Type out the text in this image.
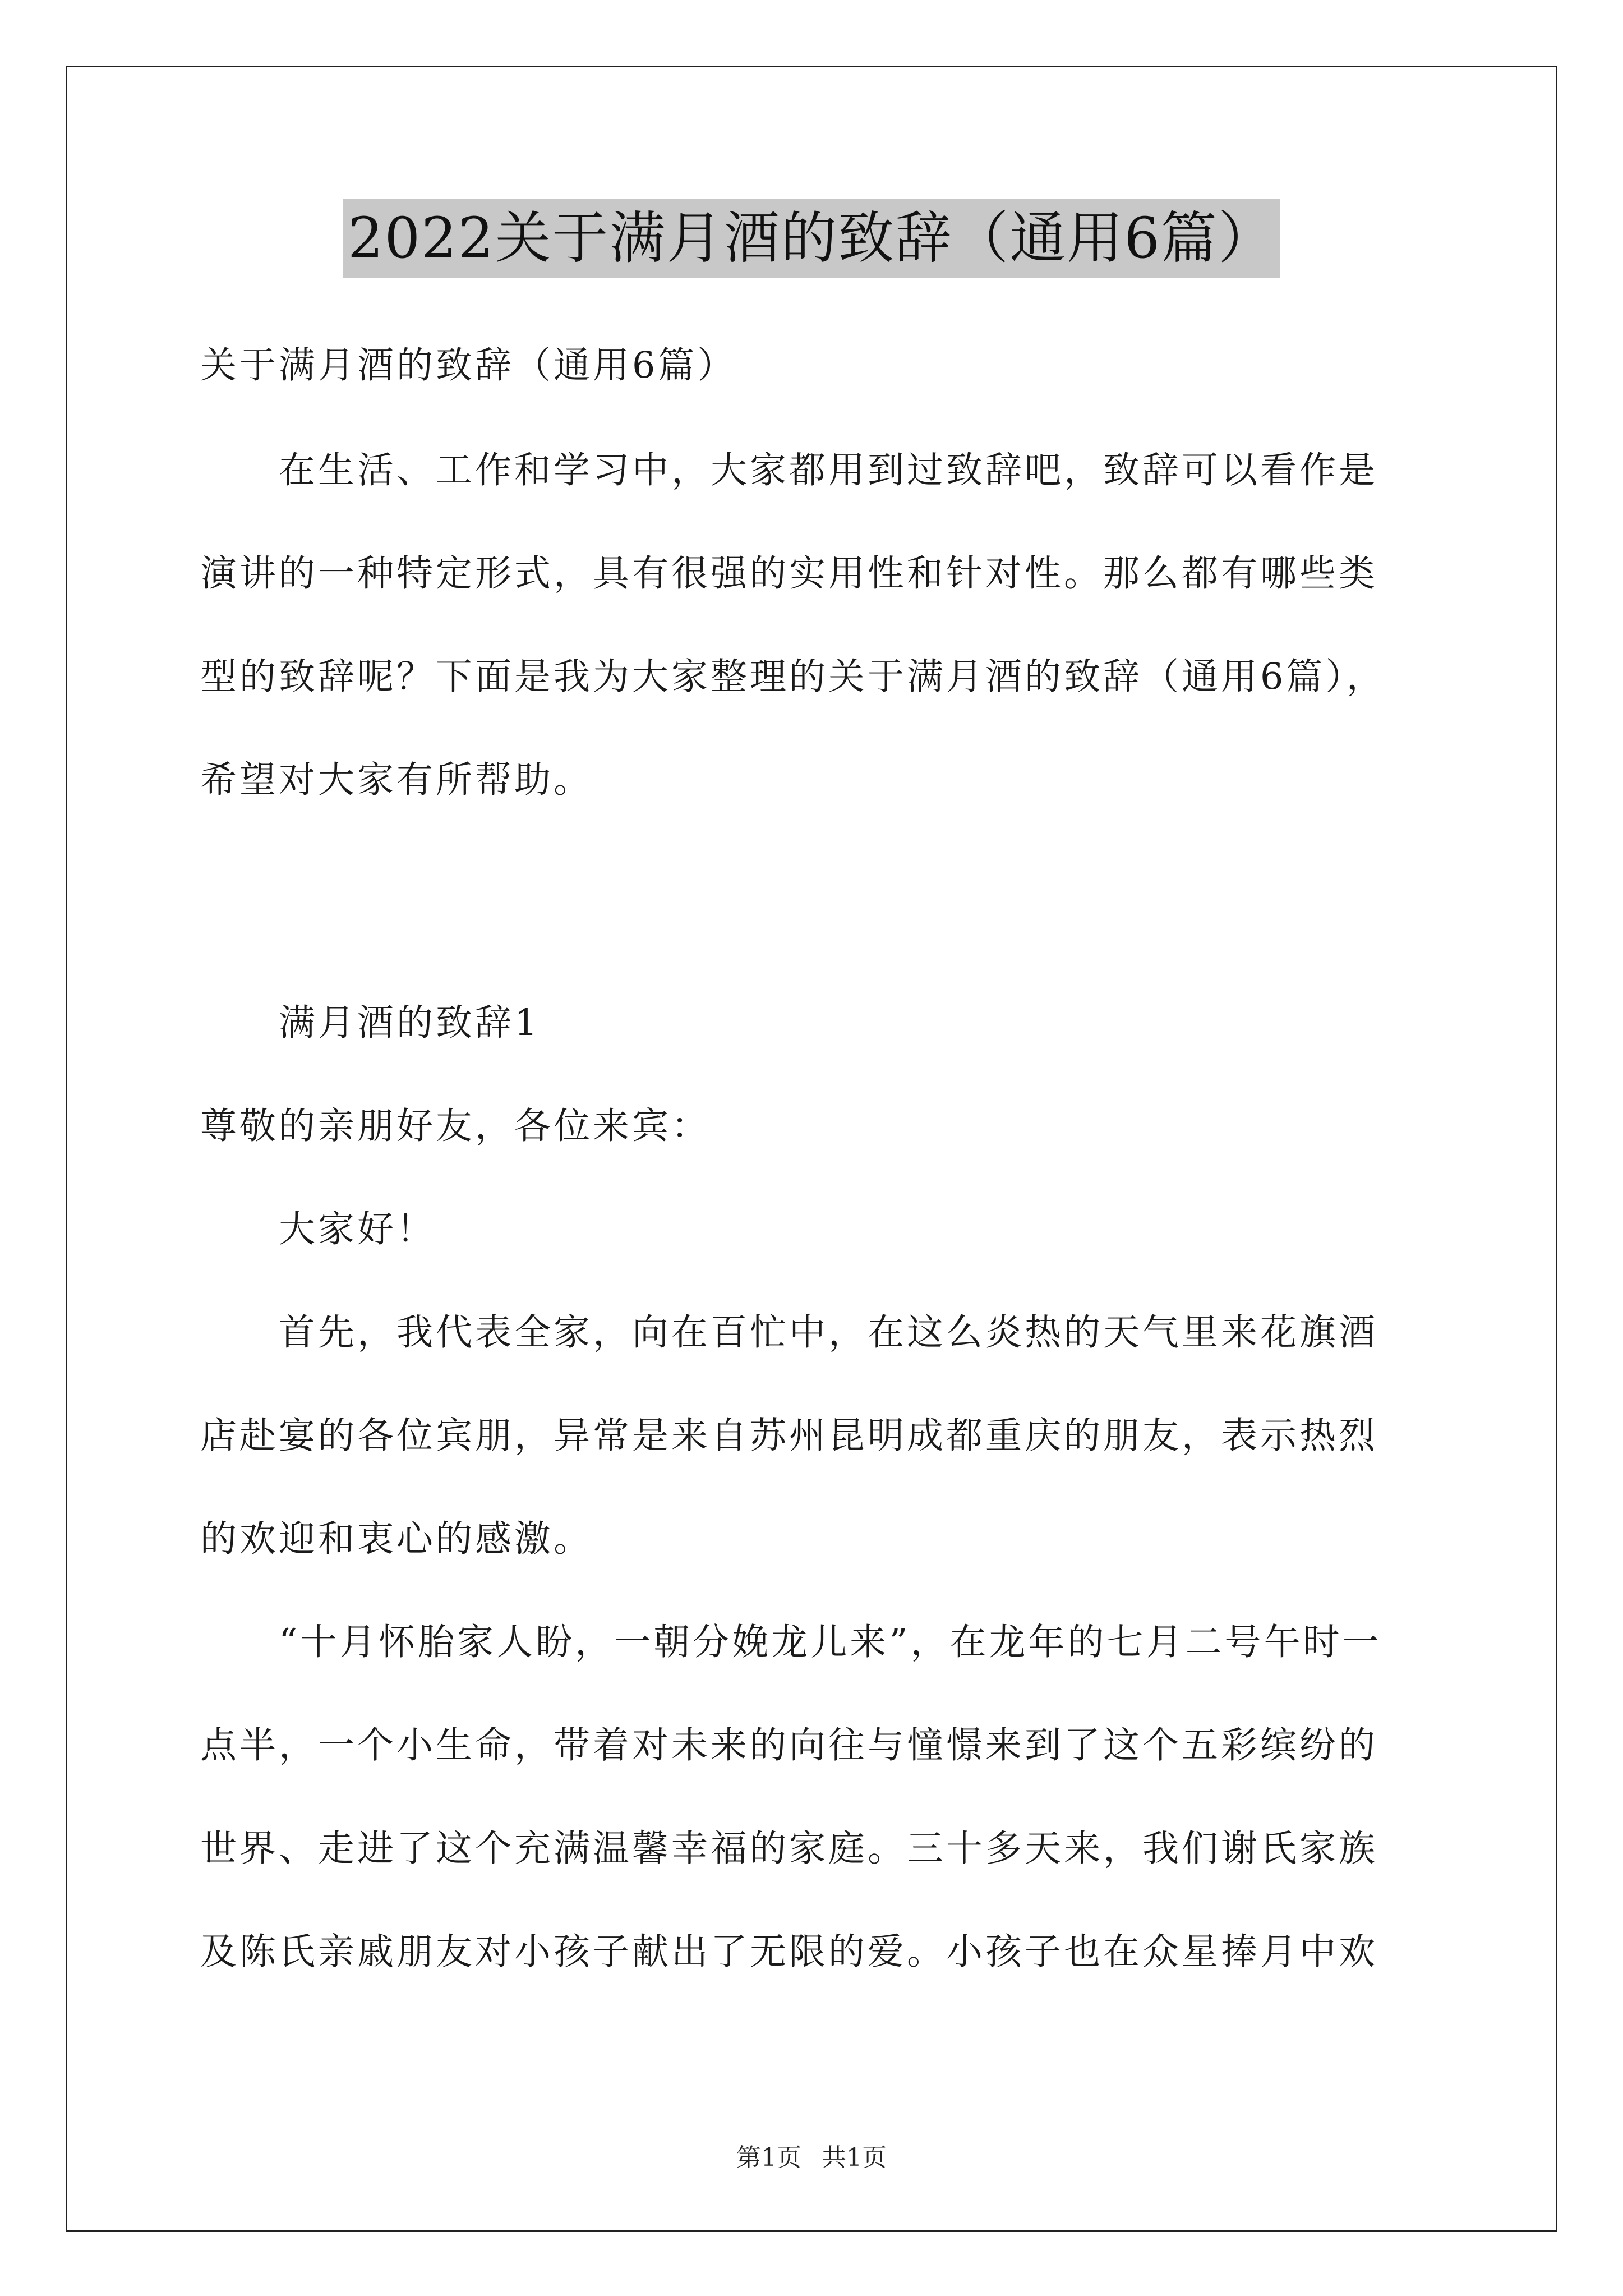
2022关于满月酒的致辞（通用6篇）

关于满月酒的致辞（通用6篇）

　　在生活、工作和学习中，大家都用到过致辞吧，致辞可以看作是

演讲的一种特定形式，具有很强的实用性和针对性。那么都有哪些类

型的致辞呢？下面是我为大家整理的关于满月酒的致辞（通用6篇），

希望对大家有所帮助。

　　满月酒的致辞1

尊敬的亲朋好友，各位来宾：

　　大家好！

　　首先，我代表全家，向在百忙中，在这么炎热的天气里来花旗酒

店赴宴的各位宾朋，异常是来自苏州昆明成都重庆的朋友，表示热烈

的欢迎和衷心的感激。

　　“十月怀胎家人盼，一朝分娩龙儿来”，在龙年的七月二号午时一

点半，一个小生命，带着对未来的向往与憧憬来到了这个五彩缤纷的

世界、走进了这个充满温馨幸福的家庭。三十多天来，我们谢氏家族

及陈氏亲戚朋友对小孩子献出了无限的爱。小孩子也在众星捧月中欢

第1页 共1页
